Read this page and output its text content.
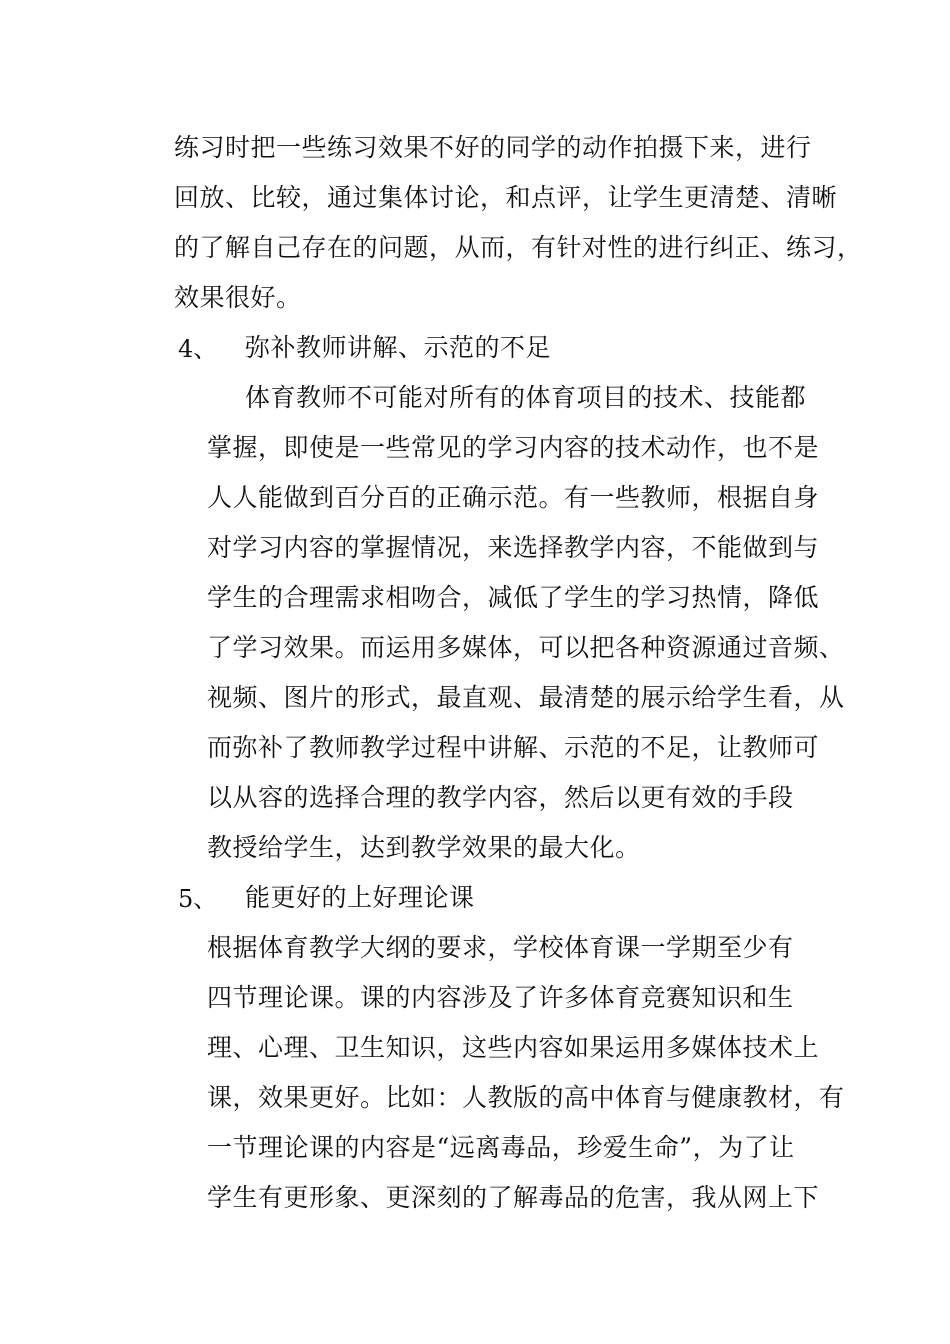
练习时把一些练习效果不好的同学的动作拍摄下来，进行
回放、比较，通过集体讨论，和点评，让学生更清楚、清晰
的了解自己存在的问题，从而，有针对性的进行纠正、练习，
效果很好。
4、 弥补教师讲解、示范的不足
体育教师不可能对所有的体育项目的技术、技能都
掌握，即使是一些常见的学习内容的技术动作，也不是
人人能做到百分百的正确示范。有一些教师，根据自身
对学习内容的掌握情况，来选择教学内容，不能做到与
学生的合理需求相吻合，减低了学生的学习热情，降低
了学习效果。而运用多媒体，可以把各种资源通过音频、
视频、图片的形式，最直观、最清楚的展示给学生看，从
而弥补了教师教学过程中讲解、示范的不足，让教师可
以从容的选择合理的教学内容，然后以更有效的手段
教授给学生，达到教学效果的最大化。
5、 能更好的上好理论课
根据体育教学大纲的要求，学校体育课一学期至少有
四节理论课。课的内容涉及了许多体育竞赛知识和生
理、心理、卫生知识，这些内容如果运用多媒体技术上
课，效果更好。比如：人教版的高中体育与健康教材，有
一节理论课的内容是“远离毒品，珍爱生命”，为了让
学生有更形象、更深刻的了解毒品的危害，我从网上下
